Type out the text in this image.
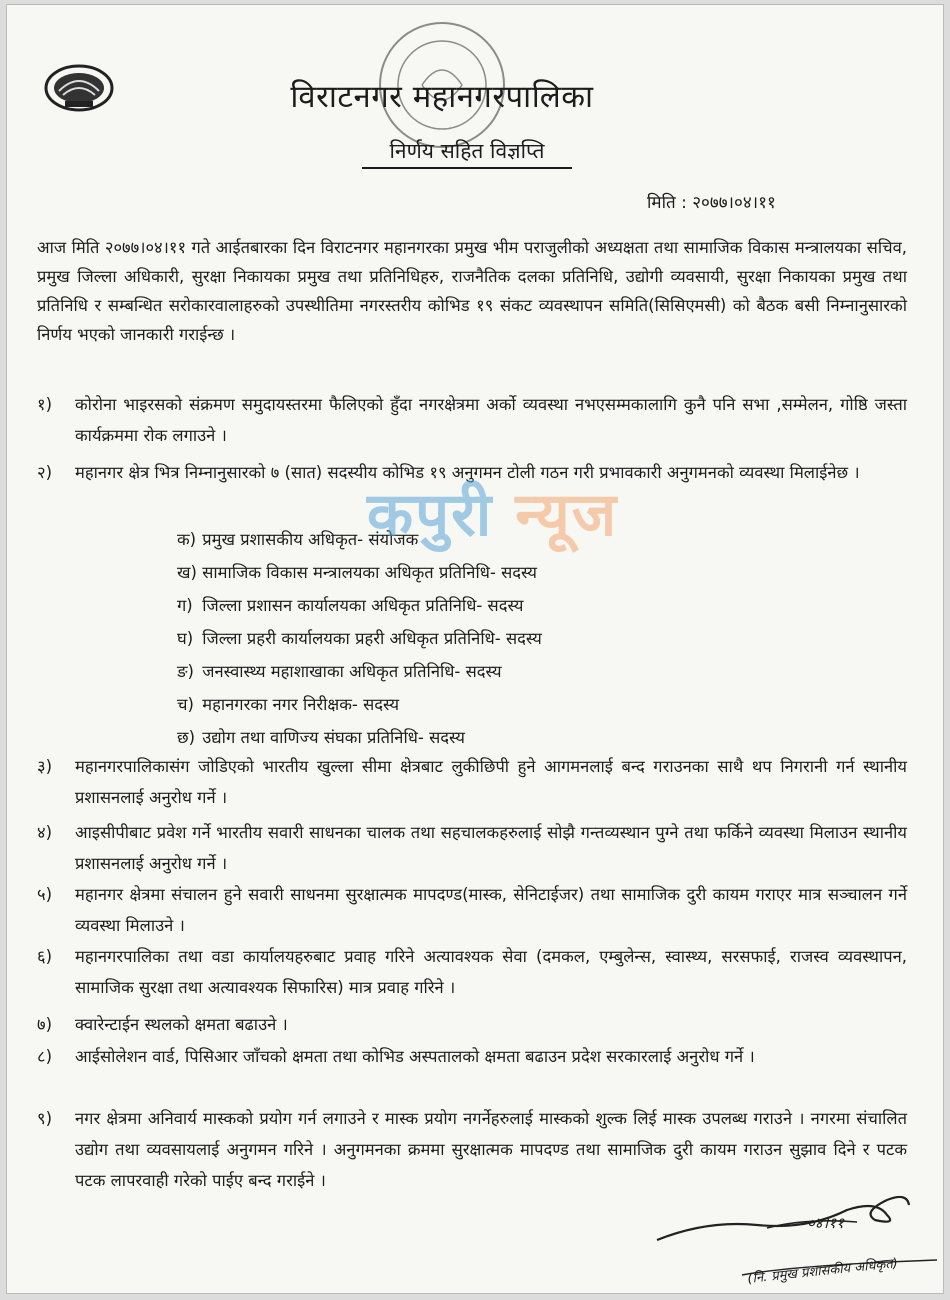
विराटनगर महानगरपालिका
निर्णय सहित विज्ञप्ति
मिति : २०७७।०४।११
आज मिति २०७७।०४।११ गते आईतबारका दिन विराटनगर महानगरका प्रमुख भीम पराजुलीको अध्यक्षता तथा सामाजिक विकास मन्त्रालयका सचिव, प्रमुख जिल्ला अधिकारी, सुरक्षा निकायका प्रमुख तथा प्रतिनिधिहरु, राजनैतिक दलका प्रतिनिधि, उद्योगी व्यवसायी, सुरक्षा निकायका प्रमुख तथा प्रतिनिधि र सम्बन्धित सरोकारवालाहरुको उपस्थीतिमा नगरस्तरीय कोभिड १९ संकट व्यवस्थापन समिति(सिसिएमसी) को बैठक बसी निम्नानुसारको निर्णय भएको जानकारी गराईन्छ ।
१)	कोरोना भाइरसको संक्रमण समुदायस्तरमा फैलिएको हुँदा नगरक्षेत्रमा अर्को व्यवस्था नभएसम्मकालागि कुनै पनि सभा ,सम्मेलन, गोष्ठि जस्ता कार्यक्रममा रोक लगाउने ।
२)	महानगर क्षेत्र भित्र निम्नानुसारको ७ (सात) सदस्यीय कोभिड १९ अनुगमन टोली गठन गरी प्रभावकारी अनुगमनको व्यवस्था मिलाईनेछ ।
क) प्रमुख प्रशासकीय अधिकृत- संयोजक
ख) सामाजिक विकास मन्त्रालयका अधिकृत प्रतिनिधि- सदस्य
ग) जिल्ला प्रशासन कार्यालयका अधिकृत प्रतिनिधि- सदस्य
घ) जिल्ला प्रहरी कार्यालयका प्रहरी अधिकृत प्रतिनिधि- सदस्य
ङ) जनस्वास्थ्य महाशाखाका अधिकृत प्रतिनिधि- सदस्य
च) महानगरका नगर निरीक्षक- सदस्य
छ) उद्योग तथा वाणिज्य संघका प्रतिनिधि- सदस्य
३)	महानगरपालिकासंग जोडिएको भारतीय खुल्ला सीमा क्षेत्रबाट लुकीछिपी हुने आगमनलाई बन्द गराउनका साथै थप निगरानी गर्न स्थानीय प्रशासनलाई अनुरोध गर्ने ।
४)	आइसीपीबाट प्रवेश गर्ने भारतीय सवारी साधनका चालक तथा सहचालकहरुलाई सोझै गन्तव्यस्थान पुग्ने तथा फर्किने व्यवस्था मिलाउन स्थानीय प्रशासनलाई अनुरोध गर्ने ।
५)	महानगर क्षेत्रमा संचालन हुने सवारी साधनमा सुरक्षात्मक मापदण्ड(मास्क, सेनिटाईजर) तथा सामाजिक दुरी कायम गराएर मात्र सञ्चालन गर्ने व्यवस्था मिलाउने ।
६)	महानगरपालिका तथा वडा कार्यालयहरुबाट प्रवाह गरिने अत्यावश्यक सेवा (दमकल, एम्बुलेन्स, स्वास्थ्य, सरसफाई, राजस्व व्यवस्थापन, सामाजिक सुरक्षा तथा अत्यावश्यक सिफारिस) मात्र प्रवाह गरिने ।
७)	क्वारेन्टाईन स्थलको क्षमता बढाउने ।
८)	आईसोलेशन वार्ड, पिसिआर जाँचको क्षमता तथा कोभिड अस्पतालको क्षमता बढाउन प्रदेश सरकारलाई अनुरोध गर्ने ।
९)	नगर क्षेत्रमा अनिवार्य मास्कको प्रयोग गर्न लगाउने र मास्क प्रयोग नगर्नेहरुलाई मास्कको शुल्क लिई मास्क उपलब्ध गराउने । नगरमा संचालित उद्योग तथा व्यवसायलाई अनुगमन गरिने । अनुगमनका क्रममा सुरक्षात्मक मापदण्ड तथा सामाजिक दुरी कायम गराउन सुझाव दिने र पटक पटक लापरवाही गरेको पाईए बन्द गराईने ।
कपुरी न्यूज
०४।११
(नि. प्रमुख प्रशासकीय अधिकृत)
